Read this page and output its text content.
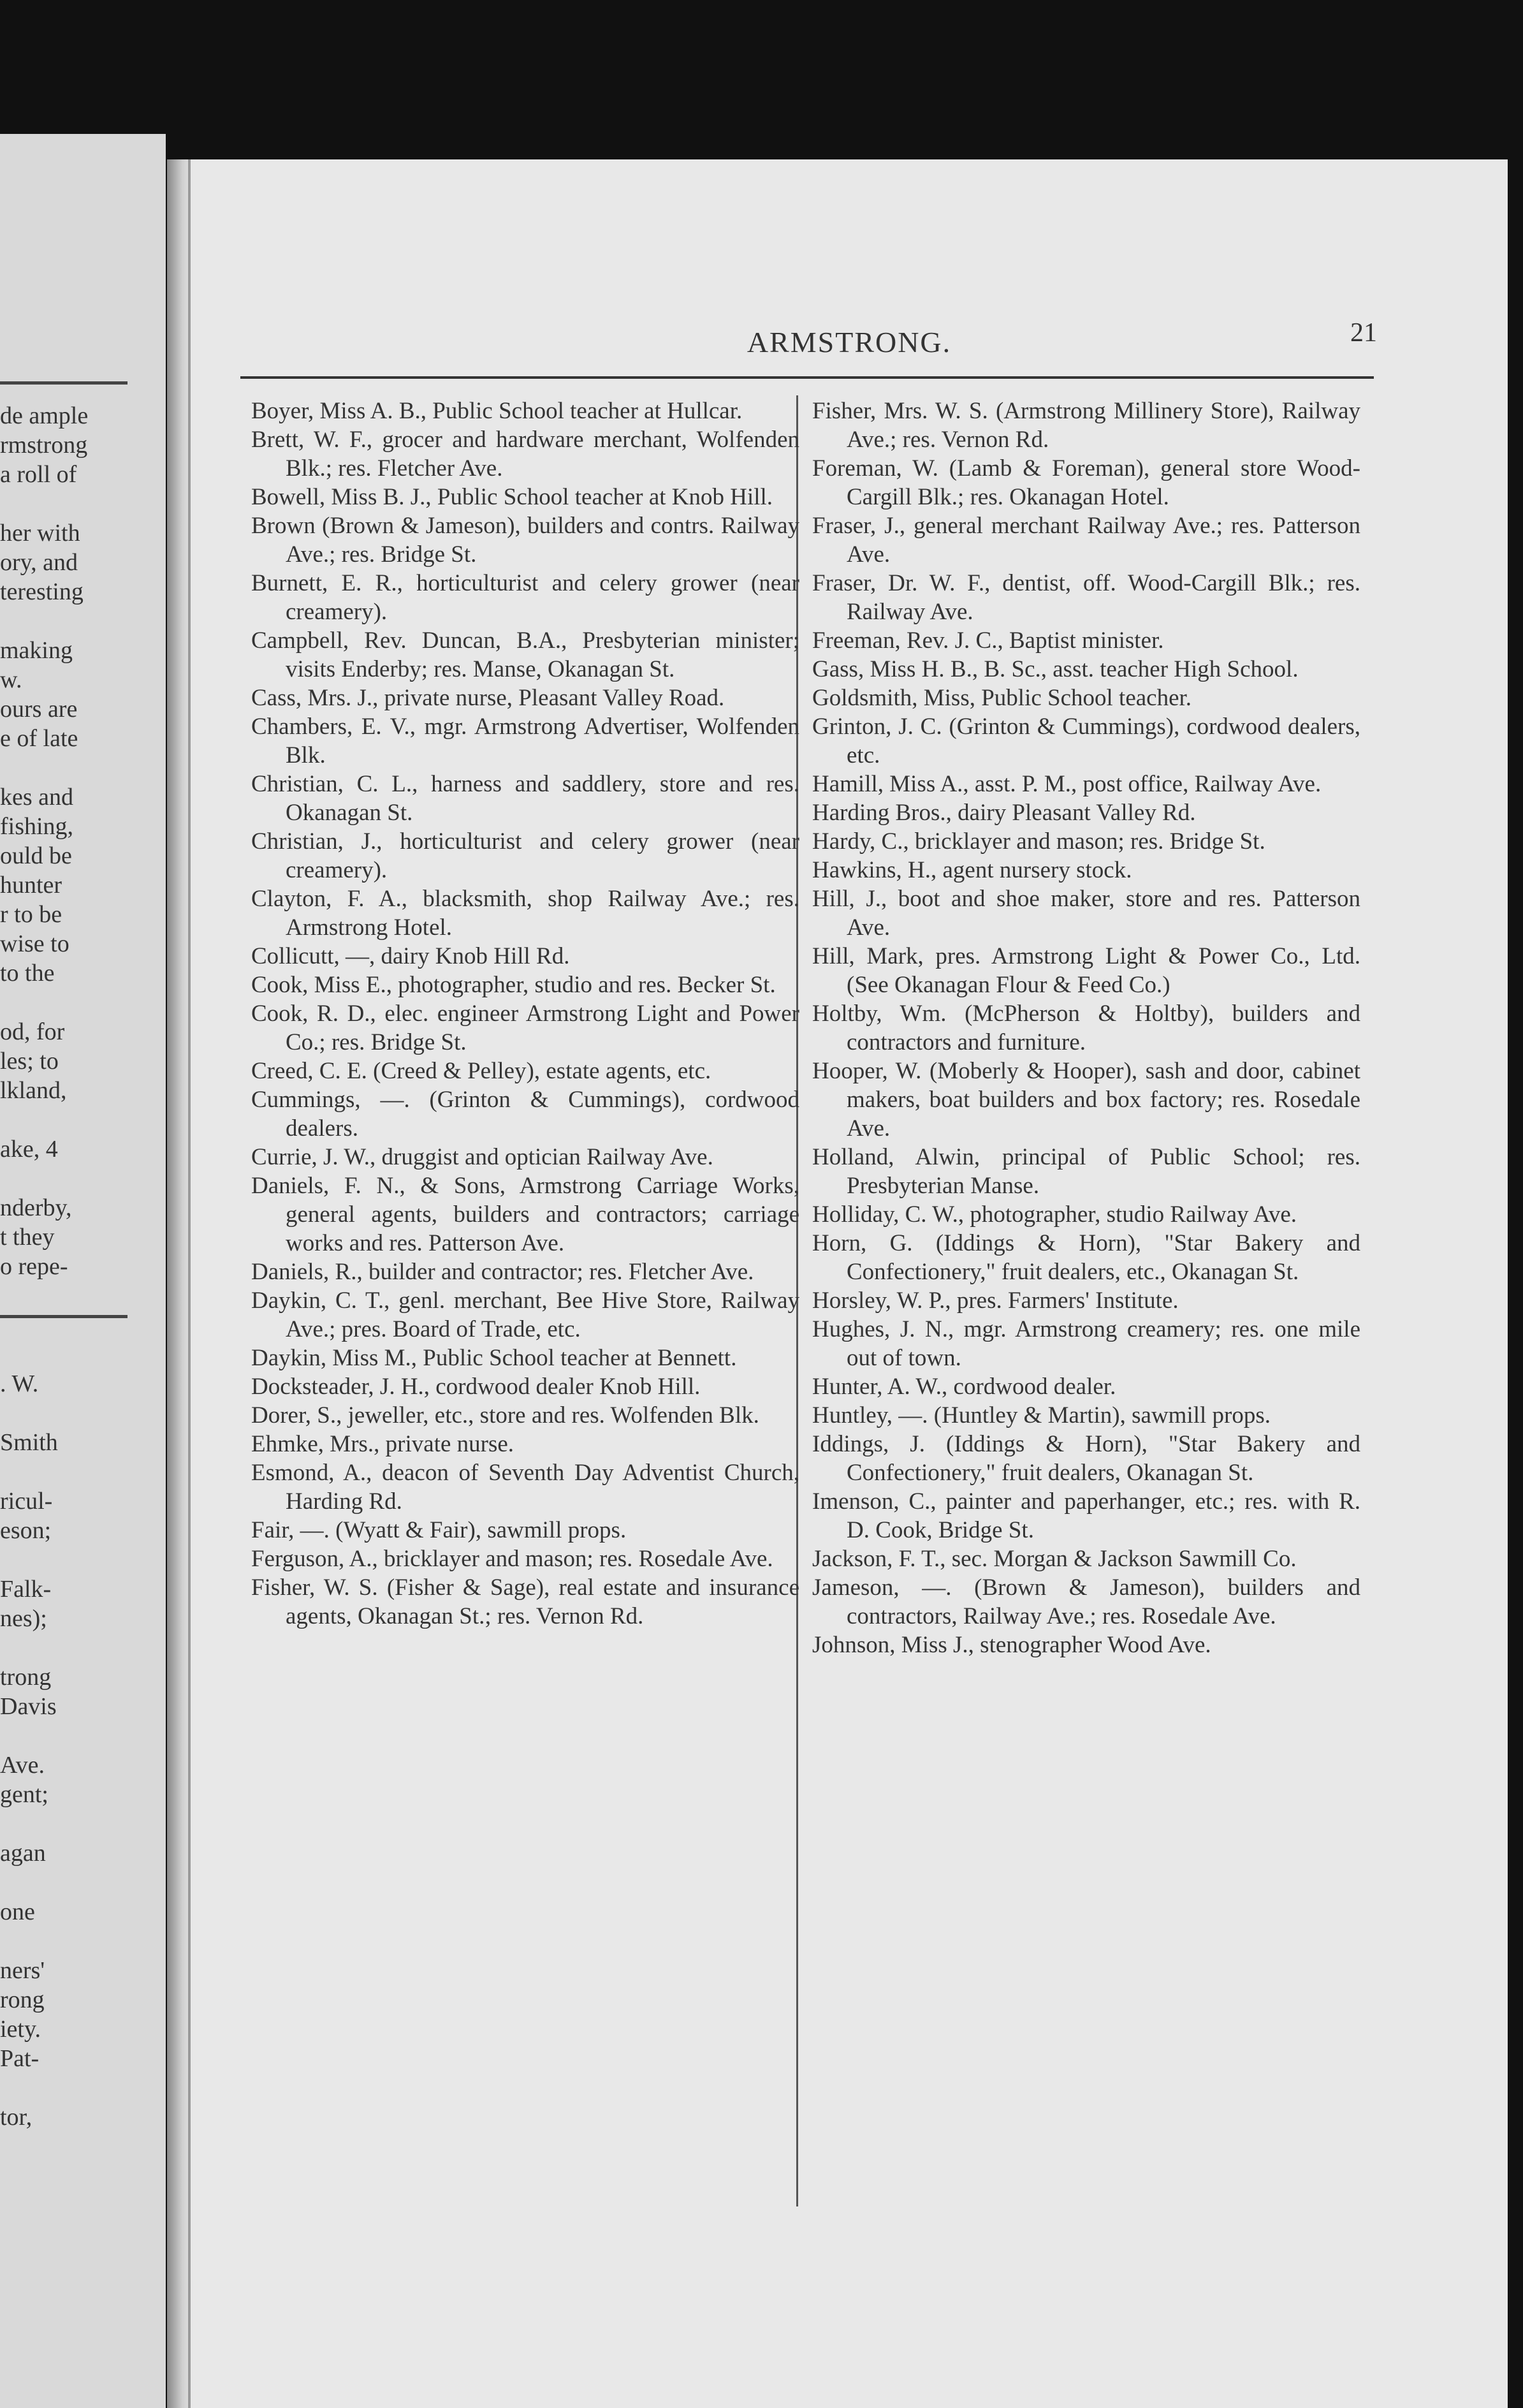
de ample
rmstrong
a roll of
her with
ory, and
teresting
making
w.
ours are
e of late
kes and
fishing,
ould be
hunter
r to be
wise to
to the
od, for
les; to
lkland,
ake, 4
nderby,
t they
o repe-
. W.
Smith
ricul-
eson;
Falk-
nes);
trong
Davis
Ave.
gent;
agan
one
ners'
rong
iety.
Pat-
tor,
ARMSTRONG.	21

Boyer, Miss A. B., Public School teacher at Hullcar.

Brett, W. F., grocer and hardware merchant, Wolfenden Blk.; res. Fletcher Ave.

Bowell, Miss B. J., Public School teacher at Knob Hill.

Brown (Brown & Jameson), builders and contrs. Railway Ave.; res. Bridge St.

Burnett, E. R., horticulturist and celery grower (near creamery).

Campbell, Rev. Duncan, B.A., Presbyterian minister; visits Enderby; res. Manse, Okanagan St.

Cass, Mrs. J., private nurse, Pleasant Valley Road.

Chambers, E. V., mgr. Armstrong Advertiser, Wolfenden Blk.

Christian, C. L., harness and saddlery, store and res. Okanagan St.

Christian, J., horticulturist and celery grower (near creamery).

Clayton, F. A., blacksmith, shop Railway Ave.; res. Armstrong Hotel.

Collicutt, —, dairy Knob Hill Rd.

Cook, Miss E., photographer, studio and res. Becker St.

Cook, R. D., elec. engineer Armstrong Light and Power Co.; res. Bridge St.

Creed, C. E. (Creed & Pelley), estate agents, etc.

Cummings, —. (Grinton & Cummings), cordwood dealers.

Currie, J. W., druggist and optician Railway Ave.

Daniels, F. N., & Sons, Armstrong Carriage Works, general agents, builders and contractors; carriage works and res. Patterson Ave.

Daniels, R., builder and contractor; res. Fletcher Ave.

Daykin, C. T., genl. merchant, Bee Hive Store, Railway Ave.; pres. Board of Trade, etc.

Daykin, Miss M., Public School teacher at Bennett.

Docksteader, J. H., cordwood dealer Knob Hill.

Dorer, S., jeweller, etc., store and res. Wolfenden Blk.

Ehmke, Mrs., private nurse.

Esmond, A., deacon of Seventh Day Adventist Church, Harding Rd.

Fair, —. (Wyatt & Fair), sawmill props.

Ferguson, A., bricklayer and mason; res. Rosedale Ave.

Fisher, W. S. (Fisher & Sage), real estate and insurance agents, Okanagan St.; res. Vernon Rd.

Fisher, Mrs. W. S. (Armstrong Millinery Store), Railway Ave.; res. Vernon Rd.

Foreman, W. (Lamb & Foreman), general store Wood-Cargill Blk.; res. Okanagan Hotel.

Fraser, J., general merchant Railway Ave.; res. Patterson Ave.

Fraser, Dr. W. F., dentist, off. Wood-Cargill Blk.; res. Railway Ave.

Freeman, Rev. J. C., Baptist minister.

Gass, Miss H. B., B. Sc., asst. teacher High School.

Goldsmith, Miss, Public School teacher.

Grinton, J. C. (Grinton & Cummings), cordwood dealers, etc.

Hamill, Miss A., asst. P. M., post office, Railway Ave.

Harding Bros., dairy Pleasant Valley Rd.

Hardy, C., bricklayer and mason; res. Bridge St.

Hawkins, H., agent nursery stock.

Hill, J., boot and shoe maker, store and res. Patterson Ave.

Hill, Mark, pres. Armstrong Light & Power Co., Ltd. (See Okanagan Flour & Feed Co.)

Holtby, Wm. (McPherson & Holtby), builders and contractors and furniture.

Hooper, W. (Moberly & Hooper), sash and door, cabinet makers, boat builders and box factory; res. Rosedale Ave.

Holland, Alwin, principal of Public School; res. Presbyterian Manse.

Holliday, C. W., photographer, studio Railway Ave.

Horn, G. (Iddings & Horn), "Star Bakery and Confectionery," fruit dealers, etc., Okanagan St.

Horsley, W. P., pres. Farmers' Institute.

Hughes, J. N., mgr. Armstrong creamery; res. one mile out of town.

Hunter, A. W., cordwood dealer.

Huntley, —. (Huntley & Martin), sawmill props.

Iddings, J. (Iddings & Horn), "Star Bakery and Confectionery," fruit dealers, Okanagan St.

Imenson, C., painter and paperhanger, etc.; res. with R. D. Cook, Bridge St.

Jackson, F. T., sec. Morgan & Jackson Sawmill Co.

Jameson, —. (Brown & Jameson), builders and contractors, Railway Ave.; res. Rosedale Ave.

Johnson, Miss J., stenographer Wood Ave.
